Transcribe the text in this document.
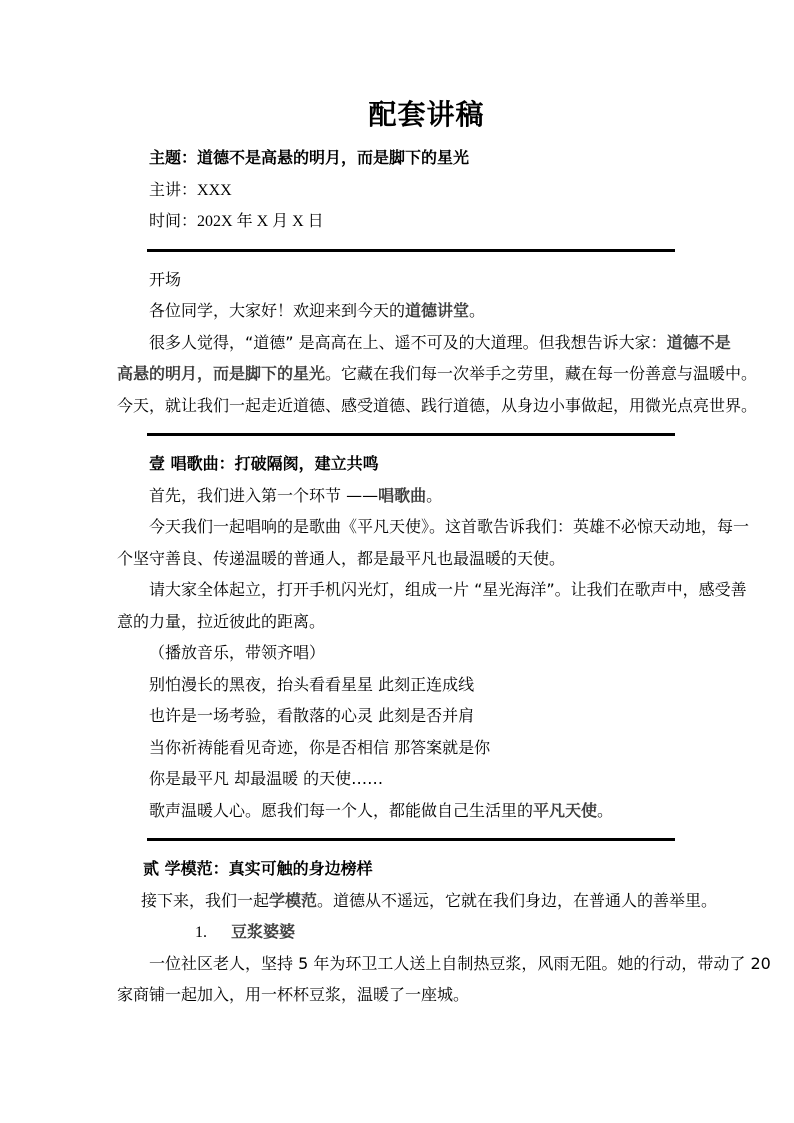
配套讲稿
主题：道德不是高悬的明月，而是脚下的星光
主讲：XXX
时间：202X 年 X 月 X 日
开场
各位同学，大家好！欢迎来到今天的道德讲堂。
很多人觉得，“道德” 是高高在上、遥不可及的大道理。但我想告诉大家：道德不是
高悬的明月，而是脚下的星光。它藏在我们每一次举手之劳里，藏在每一份善意与温暖中。
今天，就让我们一起走近道德、感受道德、践行道德，从身边小事做起，用微光点亮世界。
壹 唱歌曲：打破隔阂，建立共鸣
首先，我们进入第一个环节 ——唱歌曲。
今天我们一起唱响的是歌曲《平凡天使》。这首歌告诉我们：英雄不必惊天动地，每一
个坚守善良、传递温暖的普通人，都是最平凡也最温暖的天使。
请大家全体起立，打开手机闪光灯，组成一片 “星光海洋”。让我们在歌声中，感受善
意的力量，拉近彼此的距离。
（播放音乐，带领齐唱）
别怕漫长的黑夜，抬头看看星星 此刻正连成线
也许是一场考验，看散落的心灵 此刻是否并肩
当你祈祷能看见奇迹，你是否相信 那答案就是你
你是最平凡 却最温暖 的天使……
歌声温暖人心。愿我们每一个人，都能做自己生活里的平凡天使。
贰 学模范：真实可触的身边榜样
接下来，我们一起学模范。道德从不遥远，它就在我们身边，在普通人的善举里。
1. 豆浆婆婆
一位社区老人，坚持 5 年为环卫工人送上自制热豆浆，风雨无阻。她的行动，带动了 20
家商铺一起加入，用一杯杯豆浆，温暖了一座城。
